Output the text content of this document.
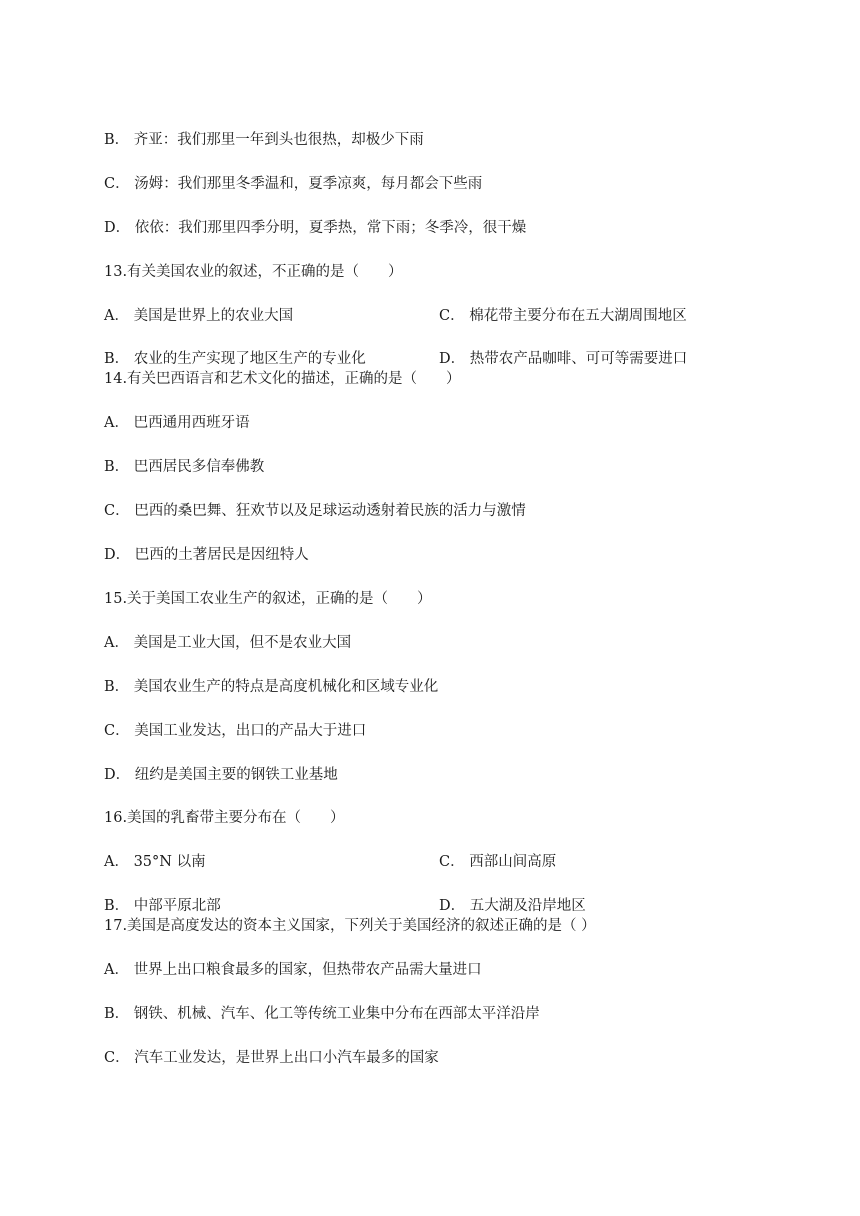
B． 齐亚：我们那里一年到头也很热，却极少下雨
C． 汤姆：我们那里冬季温和，夏季凉爽，每月都会下些雨
D． 依依：我们那里四季分明，夏季热，常下雨；冬季冷，很干燥
13.有关美国农业的叙述，不正确的是（　　）
A． 美国是世界上的农业大国	C． 棉花带主要分布在五大湖周围地区
B． 农业的生产实现了地区生产的专业化	D． 热带农产品咖啡、可可等需要进口
14.有关巴西语言和艺术文化的描述，正确的是（　　）
A． 巴西通用西班牙语
B． 巴西居民多信奉佛教
C． 巴西的桑巴舞、狂欢节以及足球运动透射着民族的活力与激情
D． 巴西的土著居民是因纽特人
15.关于美国工农业生产的叙述，正确的是（　　）
A． 美国是工业大国，但不是农业大国
B． 美国农业生产的特点是高度机械化和区域专业化
C． 美国工业发达，出口的产品大于进口
D． 纽约是美国主要的钢铁工业基地
16.美国的乳畜带主要分布在（　　）
A． 35°N 以南	C． 西部山间高原
B． 中部平原北部	D． 五大湖及沿岸地区
17.美国是高度发达的资本主义国家，下列关于美国经济的叙述正确的是（ ）
A． 世界上出口粮食最多的国家，但热带农产品需大量进口
B． 钢铁、机械、汽车、化工等传统工业集中分布在西部太平洋沿岸
C． 汽车工业发达，是世界上出口小汽车最多的国家
